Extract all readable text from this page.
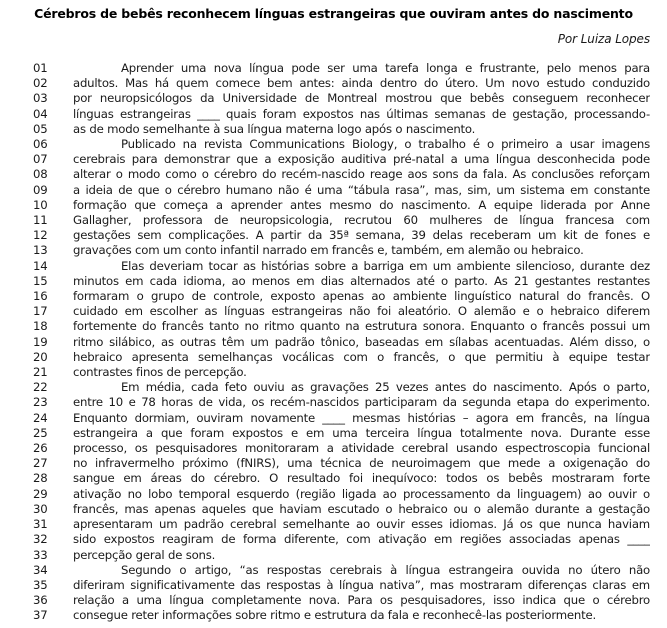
Cérebros de bebês reconhecem línguas estrangeiras que ouviram antes do nascimento
Por Luiza Lopes
01	Aprender uma nova língua pode ser uma tarefa longa e frustrante, pelo menos para
02	adultos. Mas há quem comece bem antes: ainda dentro do útero. Um novo estudo conduzido
03	por neuropsicólogos da Universidade de Montreal mostrou que bebês conseguem reconhecer
04	línguas estrangeiras ____ quais foram expostos nas últimas semanas de gestação, processando-
05	as de modo semelhante à sua língua materna logo após o nascimento.
06	Publicado na revista Communications Biology, o trabalho é o primeiro a usar imagens
07	cerebrais para demonstrar que a exposição auditiva pré-natal a uma língua desconhecida pode
08	alterar o modo como o cérebro do recém-nascido reage aos sons da fala. As conclusões reforçam
09	a ideia de que o cérebro humano não é uma “tábula rasa”, mas, sim, um sistema em constante
10	formação que começa a aprender antes mesmo do nascimento. A equipe liderada por Anne
11	Gallagher, professora de neuropsicologia, recrutou 60 mulheres de língua francesa com
12	gestações sem complicações. A partir da 35ª semana, 39 delas receberam um kit de fones e
13	gravações com um conto infantil narrado em francês e, também, em alemão ou hebraico.
14	Elas deveriam tocar as histórias sobre a barriga em um ambiente silencioso, durante dez
15	minutos em cada idioma, ao menos em dias alternados até o parto. As 21 gestantes restantes
16	formaram o grupo de controle, exposto apenas ao ambiente linguístico natural do francês. O
17	cuidado em escolher as línguas estrangeiras não foi aleatório. O alemão e o hebraico diferem
18	fortemente do francês tanto no ritmo quanto na estrutura sonora. Enquanto o francês possui um
19	ritmo silábico, as outras têm um padrão tônico, baseadas em sílabas acentuadas. Além disso, o
20	hebraico apresenta semelhanças vocálicas com o francês, o que permitiu à equipe testar
21	contrastes finos de percepção.
22	Em média, cada feto ouviu as gravações 25 vezes antes do nascimento. Após o parto,
23	entre 10 e 78 horas de vida, os recém-nascidos participaram da segunda etapa do experimento.
24	Enquanto dormiam, ouviram novamente ____ mesmas histórias – agora em francês, na língua
25	estrangeira a que foram expostos e em uma terceira língua totalmente nova. Durante esse
26	processo, os pesquisadores monitoraram a atividade cerebral usando espectroscopia funcional
27	no infravermelho próximo (fNIRS), uma técnica de neuroimagem que mede a oxigenação do
28	sangue em áreas do cérebro. O resultado foi inequívoco: todos os bebês mostraram forte
29	ativação no lobo temporal esquerdo (região ligada ao processamento da linguagem) ao ouvir o
30	francês, mas apenas aqueles que haviam escutado o hebraico ou o alemão durante a gestação
31	apresentaram um padrão cerebral semelhante ao ouvir esses idiomas. Já os que nunca haviam
32	sido expostos reagiram de forma diferente, com ativação em regiões associadas apenas ____
33	percepção geral de sons.
34	Segundo o artigo, “as respostas cerebrais à língua estrangeira ouvida no útero não
35	diferiram significativamente das respostas à língua nativa”, mas mostraram diferenças claras em
36	relação a uma língua completamente nova. Para os pesquisadores, isso indica que o cérebro
37	consegue reter informações sobre ritmo e estrutura da fala e reconhecê-las posteriormente.
